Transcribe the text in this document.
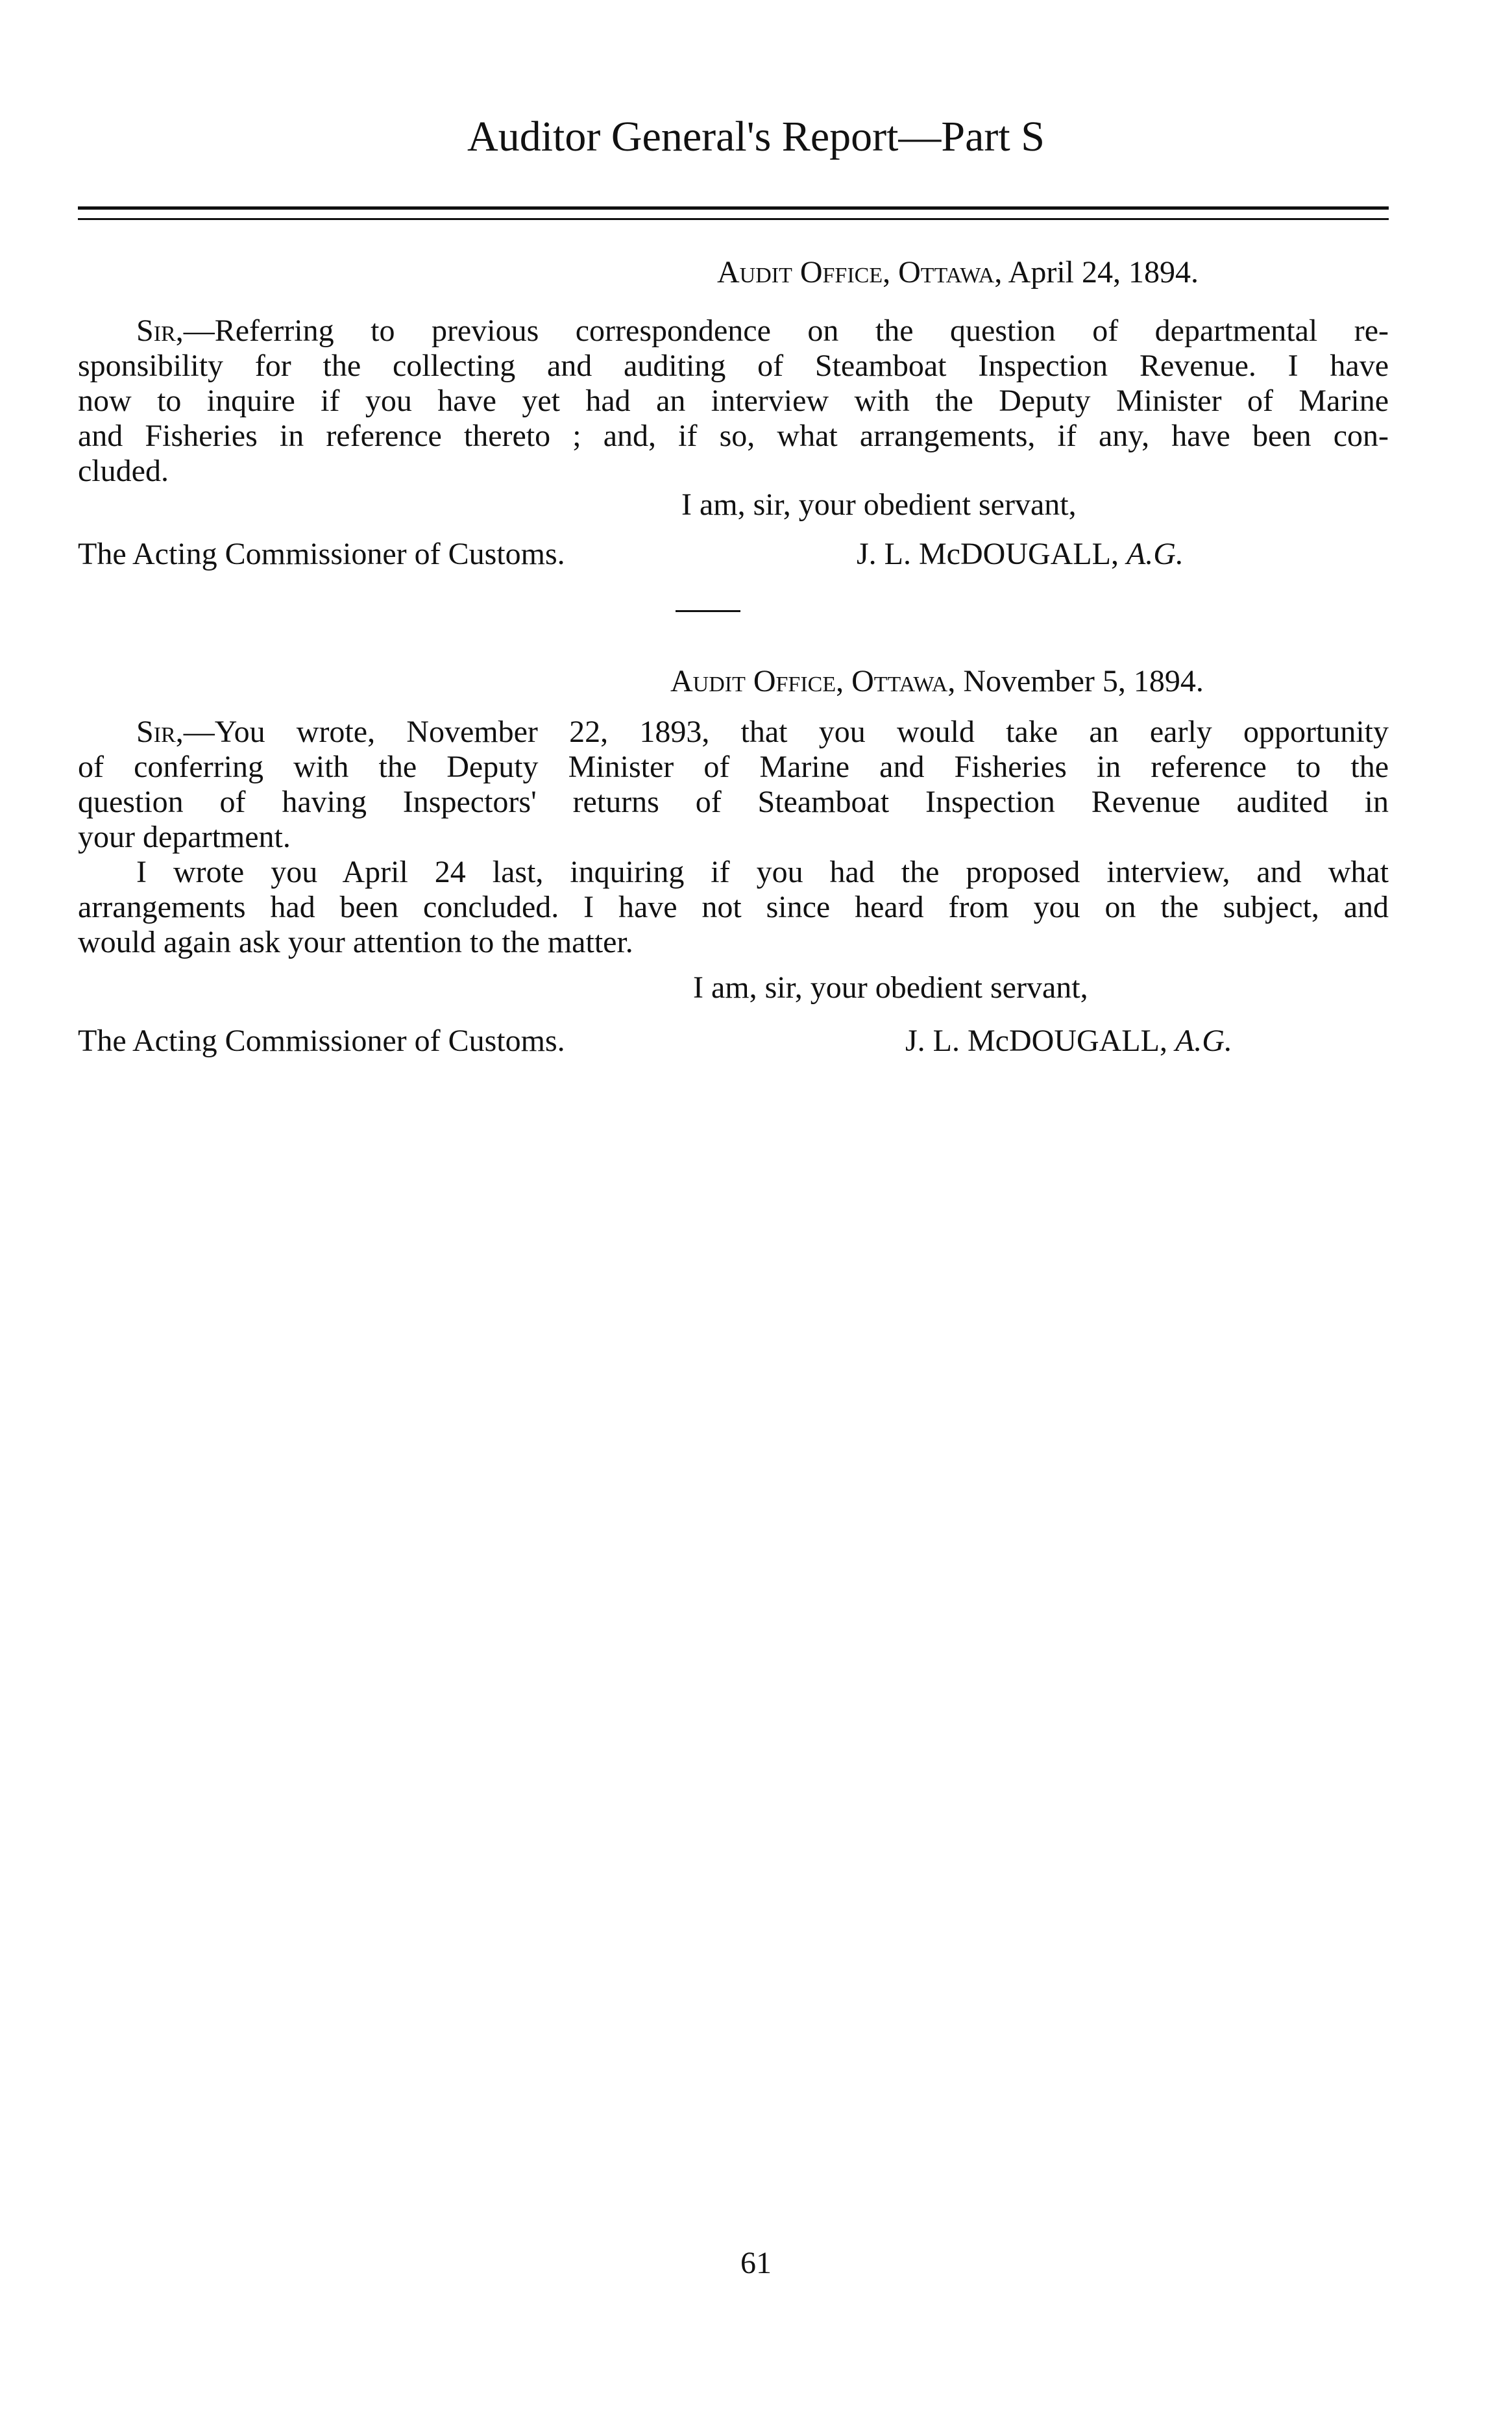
Auditor General's Report—Part S
Audit Office, Ottawa, April 24, 1894.
Sir,—Referring to previous correspondence on the question of departmental re-
sponsibility for the collecting and auditing of Steamboat Inspection Revenue. I have
now to inquire if you have yet had an interview with the Deputy Minister of Marine
and Fisheries in reference thereto ; and, if so, what arrangements, if any, have been con-
cluded.
I am, sir, your obedient servant,
The Acting Commissioner of Customs.	J. L. McDOUGALL, A.G.
Audit Office, Ottawa, November 5, 1894.
Sir,—You wrote, November 22, 1893, that you would take an early opportunity
of conferring with the Deputy Minister of Marine and Fisheries in reference to the
question of having Inspectors' returns of Steamboat Inspection Revenue audited in
your department.
I wrote you April 24 last, inquiring if you had the proposed interview, and what
arrangements had been concluded. I have not since heard from you on the subject, and
would again ask your attention to the matter.
I am, sir, your obedient servant,
The Acting Commissioner of Customs.	J. L. McDOUGALL, A.G.
61
